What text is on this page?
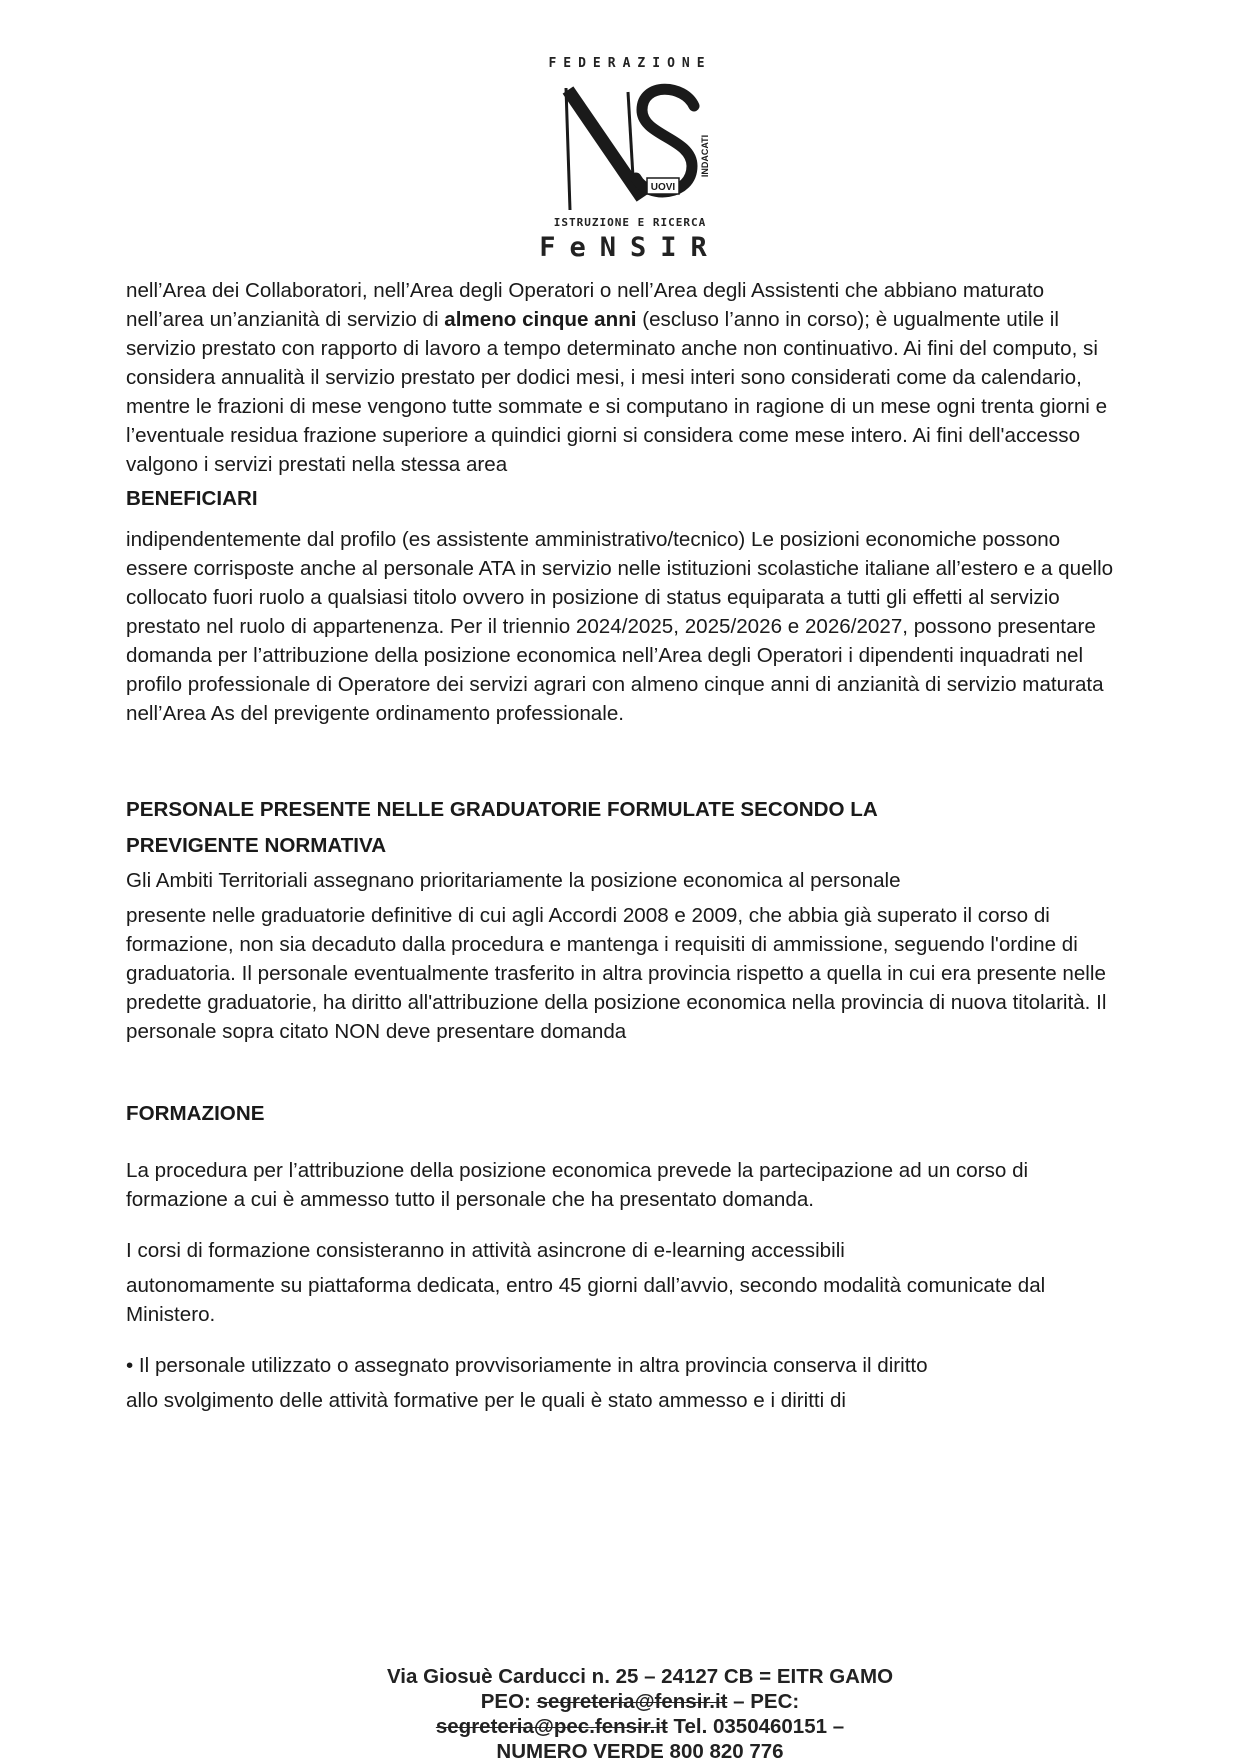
FEDERAZIONE
UOVI
INDACATI
ISTRUZIONE E RICERCA
FeNSIR

nell’Area dei Collaboratori, nell’Area degli Operatori o nell’Area degli Assistenti che abbiano maturato nell’area un’anzianità di servizio di almeno cinque anni (escluso l’anno in corso); è ugualmente utile il servizio prestato con rapporto di lavoro a tempo determinato anche non continuativo. Ai fini del computo, si considera annualità il servizio prestato per dodici mesi, i mesi interi sono considerati come da calendario, mentre le frazioni di mese vengono tutte sommate e si computano in ragione di un mese ogni trenta giorni e l’eventuale residua frazione superiore a quindici giorni si considera come mese intero. Ai fini dell'accesso valgono i servizi prestati nella stessa area

BENEFICIARI

indipendentemente dal profilo (es assistente amministrativo/tecnico) Le posizioni economiche possono essere corrisposte anche al personale ATA in servizio nelle istituzioni scolastiche italiane all’estero e a quello collocato fuori ruolo a qualsiasi titolo ovvero in posizione di status equiparata a tutti gli effetti al servizio prestato nel ruolo di appartenenza. Per il triennio 2024/2025, 2025/2026 e 2026/2027, possono presentare domanda per l’attribuzione della posizione economica nell’Area degli Operatori i dipendenti inquadrati nel profilo professionale di Operatore dei servizi agrari con almeno cinque anni di anzianità di servizio maturata nell’Area As del previgente ordinamento professionale.

PERSONALE PRESENTE NELLE GRADUATORIE FORMULATE SECONDO LA

PREVIGENTE NORMATIVA

Gli Ambiti Territoriali assegnano prioritariamente la posizione economica al personale

presente nelle graduatorie definitive di cui agli Accordi 2008 e 2009, che abbia già superato il corso di formazione, non sia decaduto dalla procedura e mantenga i requisiti di ammissione, seguendo l'ordine di graduatoria. Il personale eventualmente trasferito in altra provincia rispetto a quella in cui era presente nelle predette graduatorie, ha diritto all'attribuzione della posizione economica nella provincia di nuova titolarità. Il personale sopra citato NON deve presentare domanda

FORMAZIONE

La procedura per l’attribuzione della posizione economica prevede la partecipazione ad un corso di formazione a cui è ammesso tutto il personale che ha presentato domanda.

I corsi di formazione consisteranno in attività asincrone di e-learning accessibili

autonomamente su piattaforma dedicata, entro 45 giorni dall’avvio, secondo modalità comunicate dal Ministero.

• Il personale utilizzato o assegnato provvisoriamente in altra provincia conserva il diritto

allo svolgimento delle attività formative per le quali è stato ammesso e i diritti di

Via Giosuè Carducci n. 25 – 24127 CB = EITR GAMO
PEO: segreteria@fensir.it – PEC:
segreteria@pec.fensir.it Tel. 0350460151 –
NUMERO VERDE 800 820 776
